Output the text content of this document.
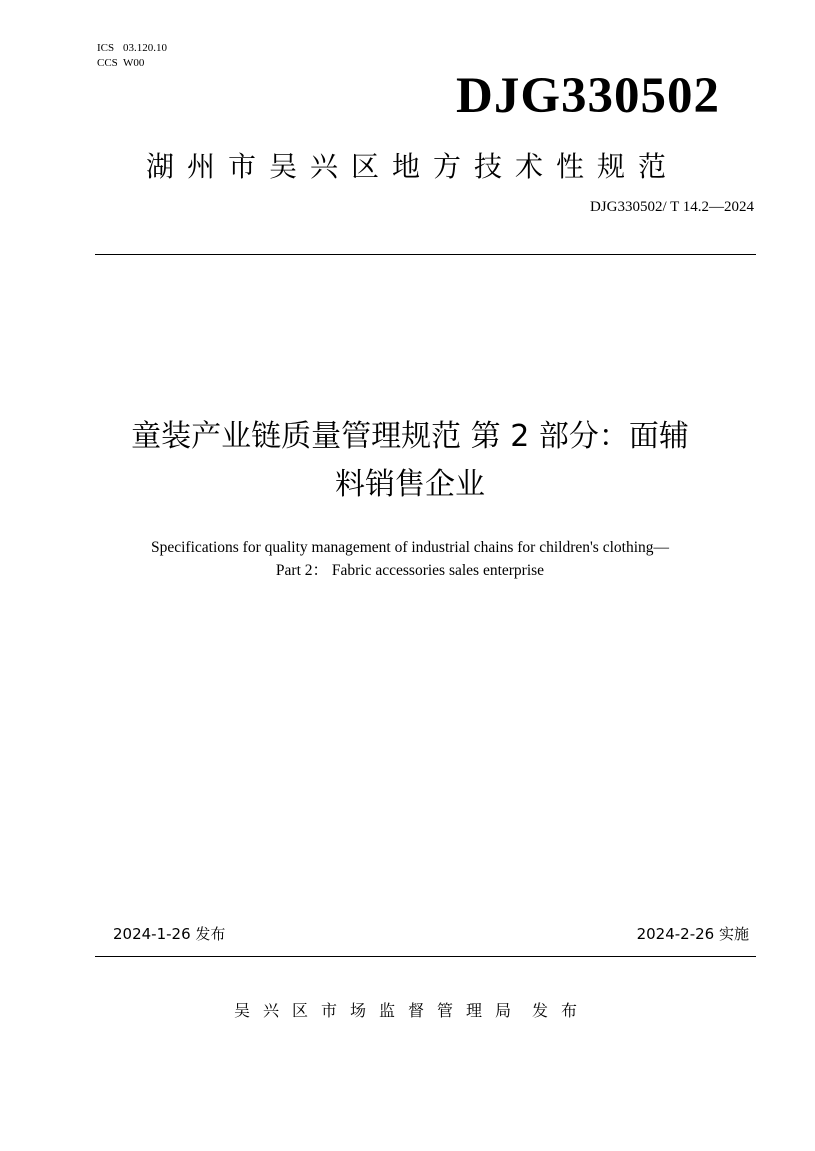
ICS 03.120.10
CCS W00
DJG330502
湖州市吴兴区地方技术性规范
DJG330502/ T 14.2—2024
童装产业链质量管理规范 第 2 部分：面辅
料销售企业
Specifications for quality management of industrial chains for children's clothing—
Part 2： Fabric accessories sales enterprise
2024-1-26 发布	2024-2-26 实施
吴兴区市场监督管理局 发布
